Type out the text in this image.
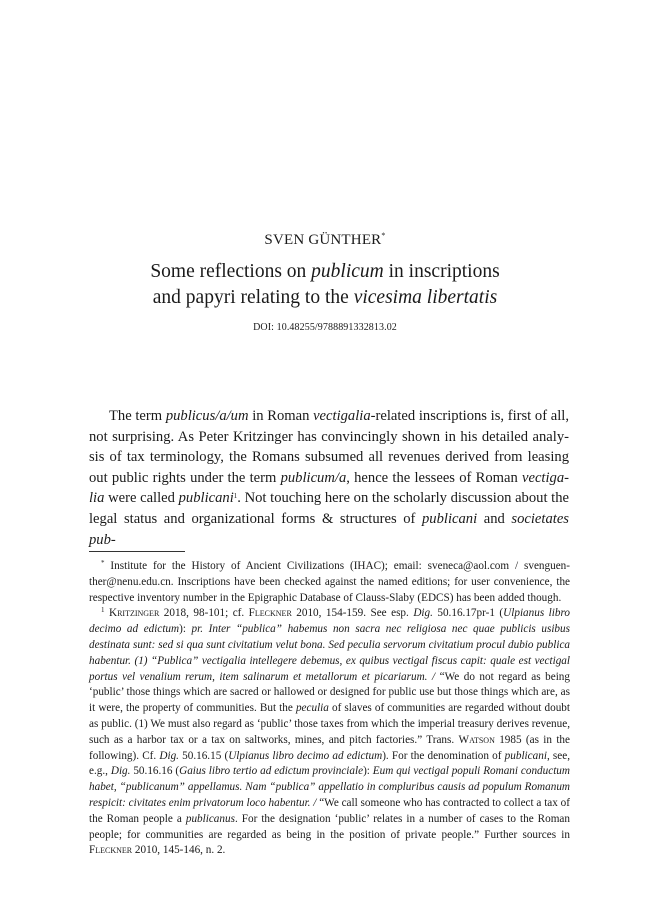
SVEN GÜNTHER*
Some reflections on publicum in inscriptions
and papyri relating to the vicesima libertatis
DOI: 10.48255/9788891332813.02

The term publicus/a/um in Roman vectigalia-related inscriptions is, first of all, not surprising. As Peter Kritzinger has convincingly shown in his detailed analy-sis of tax terminology, the Romans subsumed all revenues derived from leasing out public rights under the term publicum/a, hence the lessees of Roman vectiga-lia were called publicani$^1$. Not touching here on the scholarly discussion about the legal status and organizational forms & structures of publicani and societates pub-

* Institute for the History of Ancient Civilizations (IHAC); email: sveneca@aol.com / svenguen-ther@nenu.edu.cn. Inscriptions have been checked against the named editions; for user convenience, the respective inventory number in the Epigraphic Database of Clauss-Slaby (EDCS) has been added though.

$^1$ Kritzinger 2018, 98-101; cf. Fleckner 2010, 154-159. See esp. Dig. 50.16.17pr-1 (Ulpianus libro decimo ad edictum): pr. Inter “publica” habemus non sacra nec religiosa nec quae publicis usibus destinata sunt: sed si qua sunt civitatium velut bona. Sed peculia servorum civitatium procul dubio publica habentur. (1) “Publica” vectigalia intellegere debemus, ex quibus vectigal fiscus capit: quale est vectigal portus vel venalium rerum, item salinarum et metallorum et picariarum. / “We do not regard as being ‘public’ those things which are sacred or hallowed or designed for public use but those things which are, as it were, the property of communities. But the peculia of slaves of communities are regarded without doubt as public. (1) We must also regard as ‘public’ those taxes from which the imperial treasury derives revenue, such as a harbor tax or a tax on saltworks, mines, and pitch factories.” Trans. Watson 1985 (as in the following). Cf. Dig. 50.16.15 (Ulpianus libro decimo ad edictum). For the denomination of publicani, see, e.g., Dig. 50.16.16 (Gaius libro tertio ad edictum provinciale): Eum qui vectigal populi Romani conductum habet, “publicanum” appellamus. Nam “publica” appellatio in compluribus causis ad populum Romanum respicit: civitates enim privatorum loco habentur. / “We call someone who has contracted to collect a tax of the Roman people a publicanus. For the designation ‘public’ relates in a number of cases to the Roman people; for communities are regarded as being in the position of private people.” Further sources in Fleckner 2010, 145-146, n. 2.
